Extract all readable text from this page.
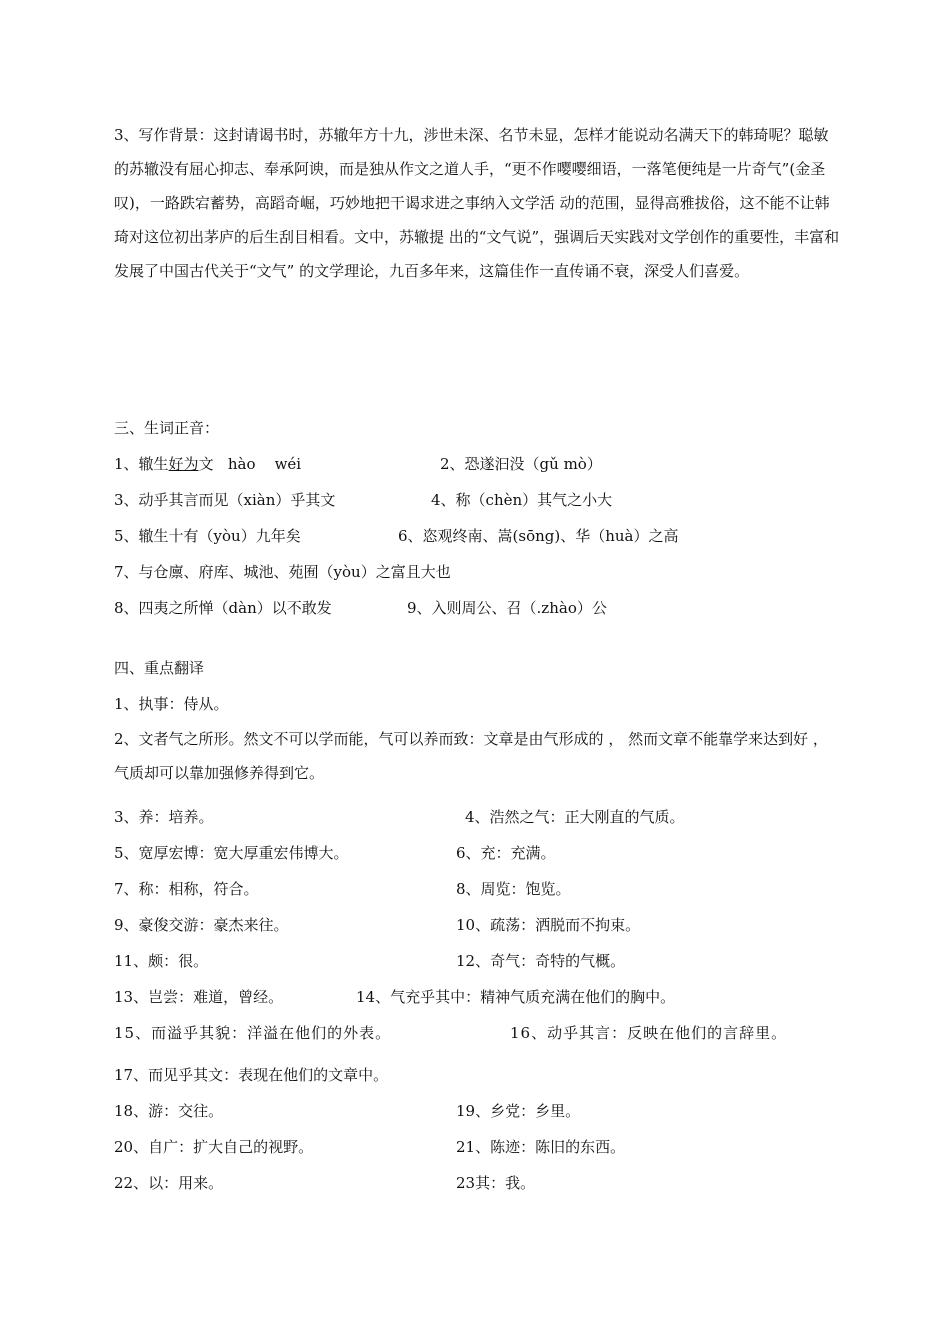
3、写作背景：这封请谒书时，苏辙年方十九，涉世未深、名节未显，怎样才能说动名满天下的韩琦呢？聪敏的苏辙没有屈心抑志、奉承阿谀，而是独从作文之道人手，“更不作嘤嘤细语，一落笔便纯是一片奇气”(金圣叹)，一路跌宕蓄势，高蹈奇崛，巧妙地把干谒求进之事纳入文学活 动的范围，显得高雅拔俗，这不能不让韩琦对这位初出茅庐的后生刮目相看。文中，苏辙提 出的“文气说”，强调后天实践对文学创作的重要性，丰富和发展了中国古代关于“文气” 的文学理论，九百多年来，这篇佳作一直传诵不衰，深受人们喜爱。

三、生词正音：
1、辙生好为文   hào    wéi	2、恐遂汩没（gǔ mò）
3、动乎其言而见（xiàn）乎其文	4、称（chèn）其气之小大
5、辙生十有（yòu）九年矣	6、恣观终南、嵩(sōng)、华（huà）之高
7、与仓廪、府库、城池、苑囿（yòu）之富且大也
8、四夷之所惮（dàn）以不敢发	9、入则周公、召（.zhào）公
四、重点翻译
1、执事：侍从。

2、文者气之所形。然文不可以学而能，气可以养而致：文章是由气形成的 ， 然而文章不能靠学来达到好 ，气质却可以靠加强修养得到它。

3、养：培养。	4、浩然之气：正大刚直的气质。
5、宽厚宏博：宽大厚重宏伟博大。	6、充：充满。
7、称：相称，符合。	8、周览：饱览。
9、豪俊交游：豪杰来往。	10、疏荡：洒脱而不拘束。
11、颇：很。	12、奇气：奇特的气概。
13、岂尝：难道，曾经。	14、气充乎其中：精神气质充满在他们的胸中。
15、而溢乎其貌：洋溢在他们的外表。	16、动乎其言：反映在他们的言辞里。
17、而见乎其文：表现在他们的文章中。
18、游：交往。	19、乡党：乡里。
20、自广：扩大自己的视野。	21、陈迹：陈旧的东西。
22、以：用来。	23其：我。
